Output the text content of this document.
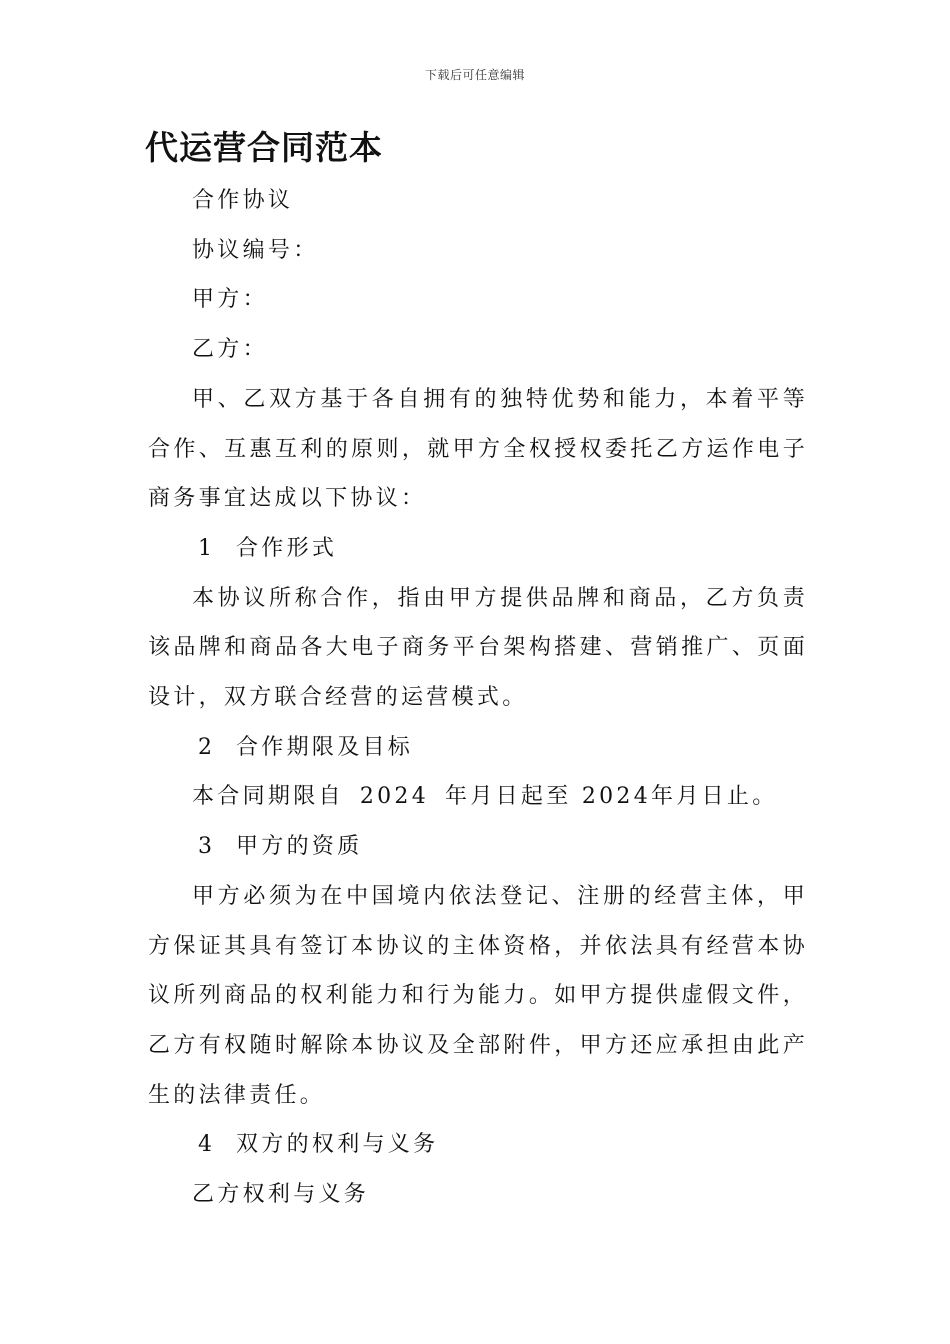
下载后可任意编辑
代运营合同范本

合作协议

协议编号：

甲方：

乙方：

甲、乙双方基于各自拥有的独特优势和能力，本着平等合作、互惠互利的原则，就甲方全权授权委托乙方运作电子商务事宜达成以下协议：

1 合作形式

本协议所称合作，指由甲方提供品牌和商品，乙方负责该品牌和商品各大电子商务平台架构搭建、营销推广、页面设计，双方联合经营的运营模式。

2 合作期限及目标

本合同期限自 2024 年月日起至 2024年月日止。

3 甲方的资质

甲方必须为在中国境内依法登记、注册的经营主体，甲方保证其具有签订本协议的主体资格，并依法具有经营本协议所列商品的权利能力和行为能力。如甲方提供虚假文件，乙方有权随时解除本协议及全部附件，甲方还应承担由此产生的法律责任。

4 双方的权利与义务

乙方权利与义务
